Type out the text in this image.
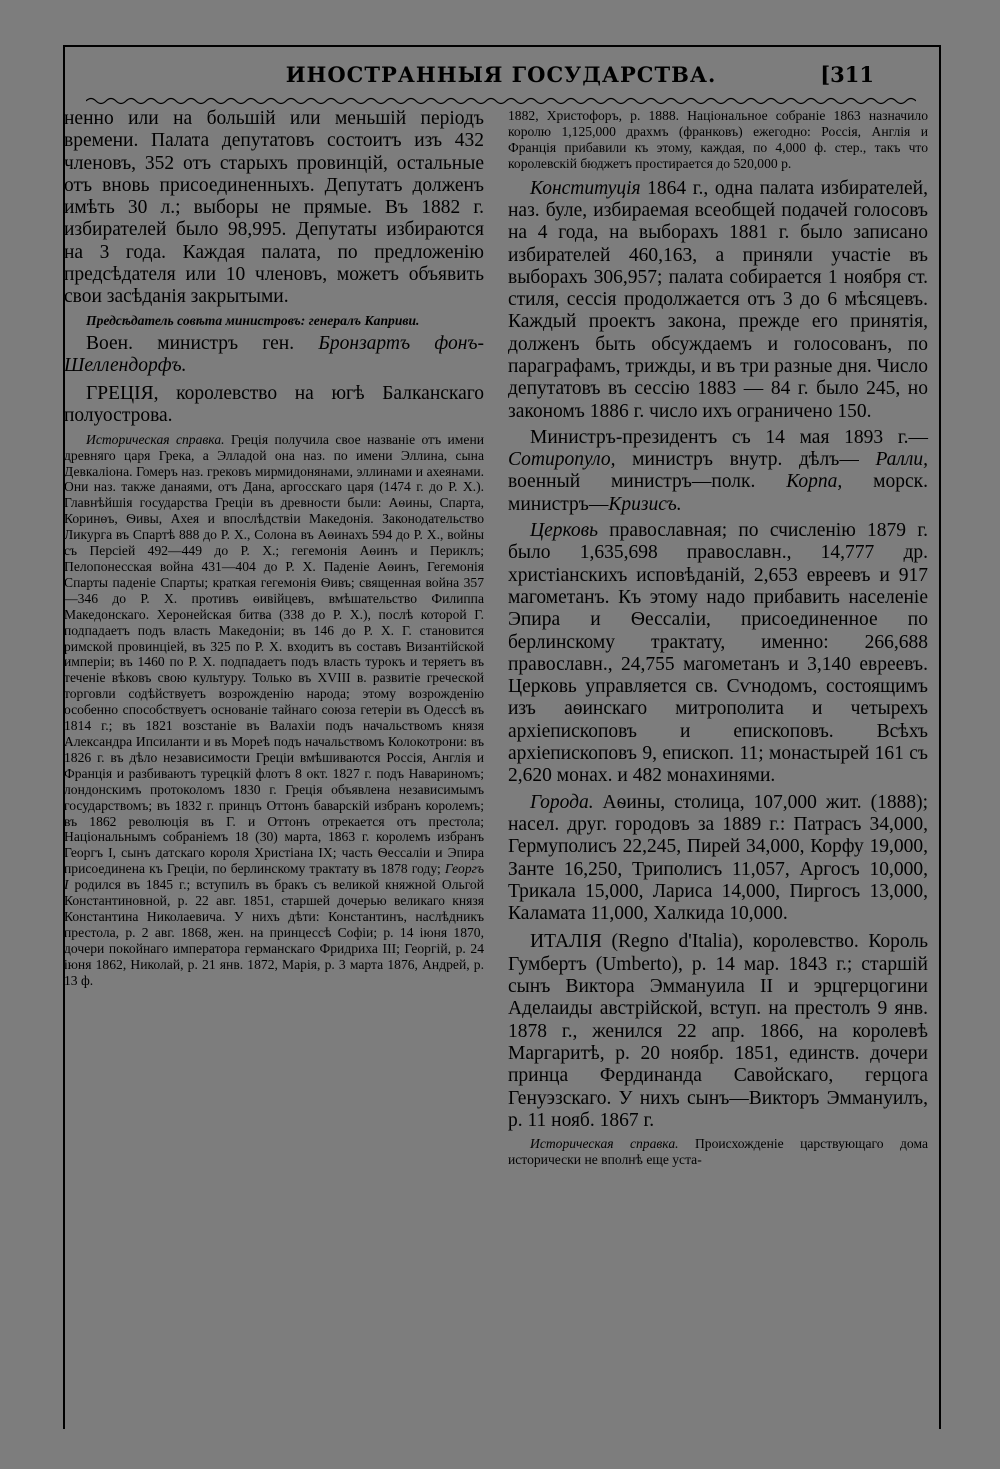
ИНОСТРАННЫЯ ГОСУДАРСТВА.	[311

ненно или на большій или меньшій періодъ времени. Палата депутатовъ состоитъ изъ 432 членовъ, 352 отъ старыхъ провинцій, остальные отъ вновь присоединенныхъ. Депутатъ долженъ имѣть 30 л.; выборы не прямые. Въ 1882 г. избирателей было 98,995. Депутаты избираются на 3 года. Каждая палата, по предложенію предсѣдателя или 10 членовъ, можетъ объявить свои засѣданія закрытыми.

Предсѣдатель совѣта министровъ: генералъ Каприви.

Воен. министръ ген. Бронзартъ фонъ-Шеллендорфъ.

ГРЕЦІЯ, королевство на югѣ Балканскаго полуострова.

Историческая справка. Греція получила свое названіе отъ имени древняго царя Грека, а Элладой она наз. по имени Эллина, сына Девкаліона. Гомеръ наз. грековъ мирмидонянами, эллинами и ахеянами. Они наз. также данаями, отъ Дана, аргосскаго царя (1474 г. до Р. Х.). Главнѣйшія государства Греціи въ древности были: Аѳины, Спарта, Коринѳъ, Ѳивы, Ахея и впослѣдствіи Македонія. Законодательство Ликурга въ Спартѣ 888 до Р. Х., Солона въ Аѳинахъ 594 до Р. Х., войны съ Персіей 492—449 до Р. Х.; гегемонія Аѳинъ и Периклъ; Пелопонесская война 431—404 до Р. Х. Паденіе Аѳинъ, Гегемонія Спарты паденіе Спарты; краткая гегемонія Ѳивъ; священная война 357—346 до Р. Х. противъ ѳивійцевъ, вмѣшательство Филиппа Македонскаго. Херонейская битва (338 до Р. Х.), послѣ которой Г. подпадаетъ подъ власть Македоніи; въ 146 до Р. Х. Г. становится римской провинціей, въ 325 по Р. Х. входитъ въ составъ Византійской имперіи; въ 1460 по Р. Х. подпадаетъ подъ власть турокъ и теряетъ въ теченіе вѣковъ свою культуру. Только въ XVIII в. развитіе греческой торговли содѣйствуетъ возрожденію народа; этому возрожденію особенно способствуетъ основаніе тайнаго союза гетеріи въ Одессѣ въ 1814 г.; въ 1821 возстаніе въ Валахіи подъ начальствомъ князя Александра Ипсиланти и въ Морeѣ подъ начальствомъ Колокотрони: въ 1826 г. въ дѣло независимости Греціи вмѣшиваются Россія, Англія и Франція и разбиваютъ турецкій флотъ 8 окт. 1827 г. подъ Навариномъ; лондонскимъ протоколомъ 1830 г. Греція объявлена независимымъ государствомъ; въ 1832 г. принцъ Оттонъ баварскій избранъ королемъ; въ 1862 революція въ Г. и Оттонъ отрекается отъ престола; Національнымъ собраніемъ 18 (30) марта, 1863 г. королемъ избранъ Георгъ I, сынъ датскаго короля Христіана IX; часть Ѳессаліи и Эпира присоединена къ Греціи, по берлинскому трактату въ 1878 году; Георгъ I родился въ 1845 г.; вступилъ въ бракъ съ великой княжной Ольгой Константиновной, р. 22 авг. 1851, старшей дочерью великаго князя Константина Николаевича. У нихъ дѣти: Константинъ, наслѣдникъ престола, р. 2 авг. 1868, жен. на принцессѣ Софіи; р. 14 іюня 1870, дочери покойнаго императора германскаго Фридриха III; Георгій, р. 24 іюня 1862, Николай, р. 21 янв. 1872, Марія, р. 3 марта 1876, Андрей, р. 13 ф.

1882, Христофоръ, р. 1888. Національное собраніе 1863 назначило королю 1,125,000 драхмъ (франковъ) ежегодно: Россія, Англія и Франція прибавили къ этому, каждая, по 4,000 ф. стер., такъ что королевскій бюджетъ простирается до 520,000 р.

Конституція 1864 г., одна палата избирателей, наз. буле, избираемая всеобщей подачей голосовъ на 4 года, на выборахъ 1881 г. было записано избирателей 460,163, а приняли участіе въ выборахъ 306,957; палата собирается 1 ноября ст. стиля, сессія продолжается отъ 3 до 6 мѣсяцевъ. Каждый проектъ закона, прежде его принятія, долженъ быть обсуждаемъ и голосованъ, по параграфамъ, трижды, и въ три разные дня. Число депутатовъ въ сессію 1883 — 84 г. было 245, но закономъ 1886 г. число ихъ ограничено 150.

Министръ-президентъ съ 14 мая 1893 г.— Сотиропуло, министръ внутр. дѣлъ— Ралли, военный министръ—полк. Корпа, морск. министръ—Кризисъ.

Церковь православная; по счисленію 1879 г. было 1,635,698 православн., 14,777 др. христіанскихъ исповѣданій, 2,653 евреевъ и 917 магометанъ. Къ этому надо прибавить населеніе Эпира и Ѳессаліи, присоединенное по берлинскому трактату, именно: 266,688 православн., 24,755 магометанъ и 3,140 евреевъ. Церковь управляется св. Сѵнодомъ, состоящимъ изъ аѳинскаго митрополита и четырехъ архіепископовъ и епископовъ. Всѣхъ архіепископовъ 9, епископ. 11; монастырей 161 съ 2,620 монах. и 482 монахинями.

Города. Аѳины, столица, 107,000 жит. (1888); насел. друг. городовъ за 1889 г.: Патрасъ 34,000, Гермуполисъ 22,245, Пирей 34,000, Корфу 19,000, Занте 16,250, Триполисъ 11,057, Аргосъ 10,000, Трикала 15,000, Лариса 14,000, Пиргосъ 13,000, Каламата 11,000, Халкида 10,000.

ИТАЛІЯ (Regno d'Italia), королевство. Король Гумбертъ (Umberto), р. 14 мар. 1843 г.; старшій сынъ Виктора Эммануила II и эрцгерцогини Аделаиды австрійской, вступ. на престолъ 9 янв. 1878 г., женился 22 апр. 1866, на королевѣ Маргаритѣ, р. 20 ноябр. 1851, единств. дочери принца Фердинанда Савойскаго, герцога Генуэзскаго. У нихъ сынъ—Викторъ Эммануилъ, р. 11 нояб. 1867 г.

Историческая справка. Происхожденіе царствующаго дома исторически не вполнѣ еще уста-
